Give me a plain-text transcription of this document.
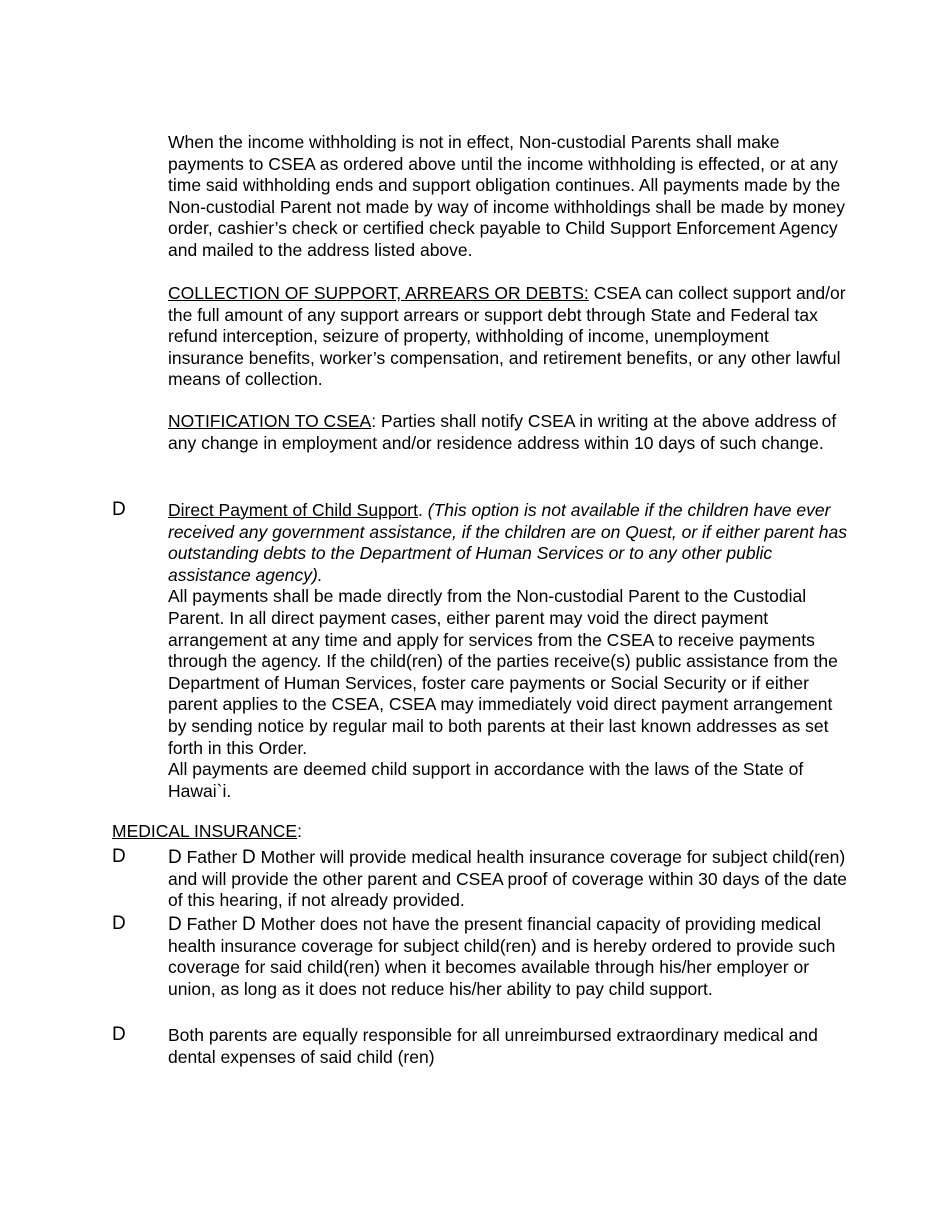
When the income withholding is not in effect, Non-custodial Parents shall make payments to CSEA as ordered above until the income withholding is effected, or at any time said withholding ends and support obligation continues. All payments made by the Non-custodial Parent not made by way of income withholdings shall be made by money order, cashier’s check or certified check payable to Child Support Enforcement Agency and mailed to the address listed above.

COLLECTION OF SUPPORT, ARREARS OR DEBTS: CSEA can collect support and/or the full amount of any support arrears or support debt through State and Federal tax refund interception, seizure of property, withholding of income, unemployment insurance benefits, worker’s compensation, and retirement benefits, or any other lawful means of collection.

NOTIFICATION TO CSEA: Parties shall notify CSEA in writing at the above address of any change in employment and/or residence address within 10 days of such change.

D Direct Payment of Child Support. (This option is not available if the children have ever received any government assistance, if the children are on Quest, or if either parent has outstanding debts to the Department of Human Services or to any other public assistance agency).
All payments shall be made directly from the Non-custodial Parent to the Custodial Parent. In all direct payment cases, either parent may void the direct payment arrangement at any time and apply for services from the CSEA to receive payments through the agency. If the child(ren) of the parties receive(s) public assistance from the Department of Human Services, foster care payments or Social Security or if either parent applies to the CSEA, CSEA may immediately void direct payment arrangement by sending notice by regular mail to both parents at their last known addresses as set forth in this Order.
All payments are deemed child support in accordance with the laws of the State of Hawai`i.

MEDICAL INSURANCE:

D D Father D Mother will provide medical health insurance coverage for subject child(ren) and will provide the other parent and CSEA proof of coverage within 30 days of the date of this hearing, if not already provided.

D D Father D Mother does not have the present financial capacity of providing medical health insurance coverage for subject child(ren) and is hereby ordered to provide such coverage for said child(ren) when it becomes available through his/her employer or union, as long as it does not reduce his/her ability to pay child support.

D Both parents are equally responsible for all unreimbursed extraordinary medical and dental expenses of said child (ren)
